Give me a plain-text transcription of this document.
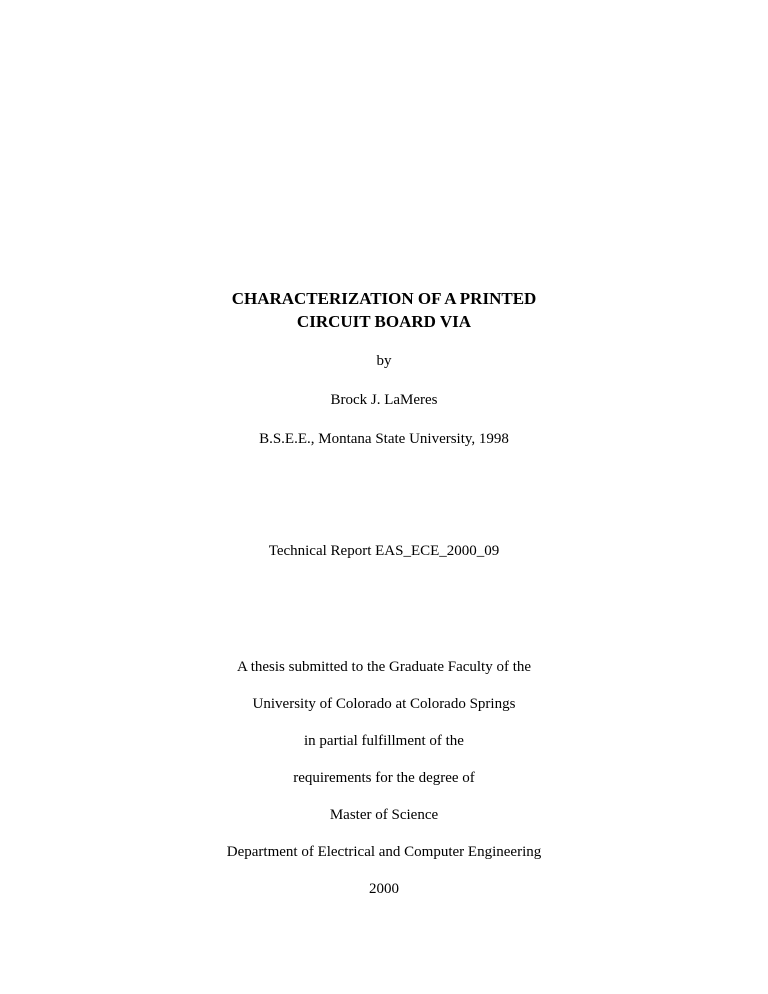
CHARACTERIZATION OF A PRINTED
CIRCUIT BOARD VIA
by
Brock J. LaMeres
B.S.E.E., Montana State University, 1998
Technical Report EAS_ECE_2000_09
A thesis submitted to the Graduate Faculty of the
University of Colorado at Colorado Springs
in partial fulfillment of the
requirements for the degree of
Master of Science
Department of Electrical and Computer Engineering
2000
